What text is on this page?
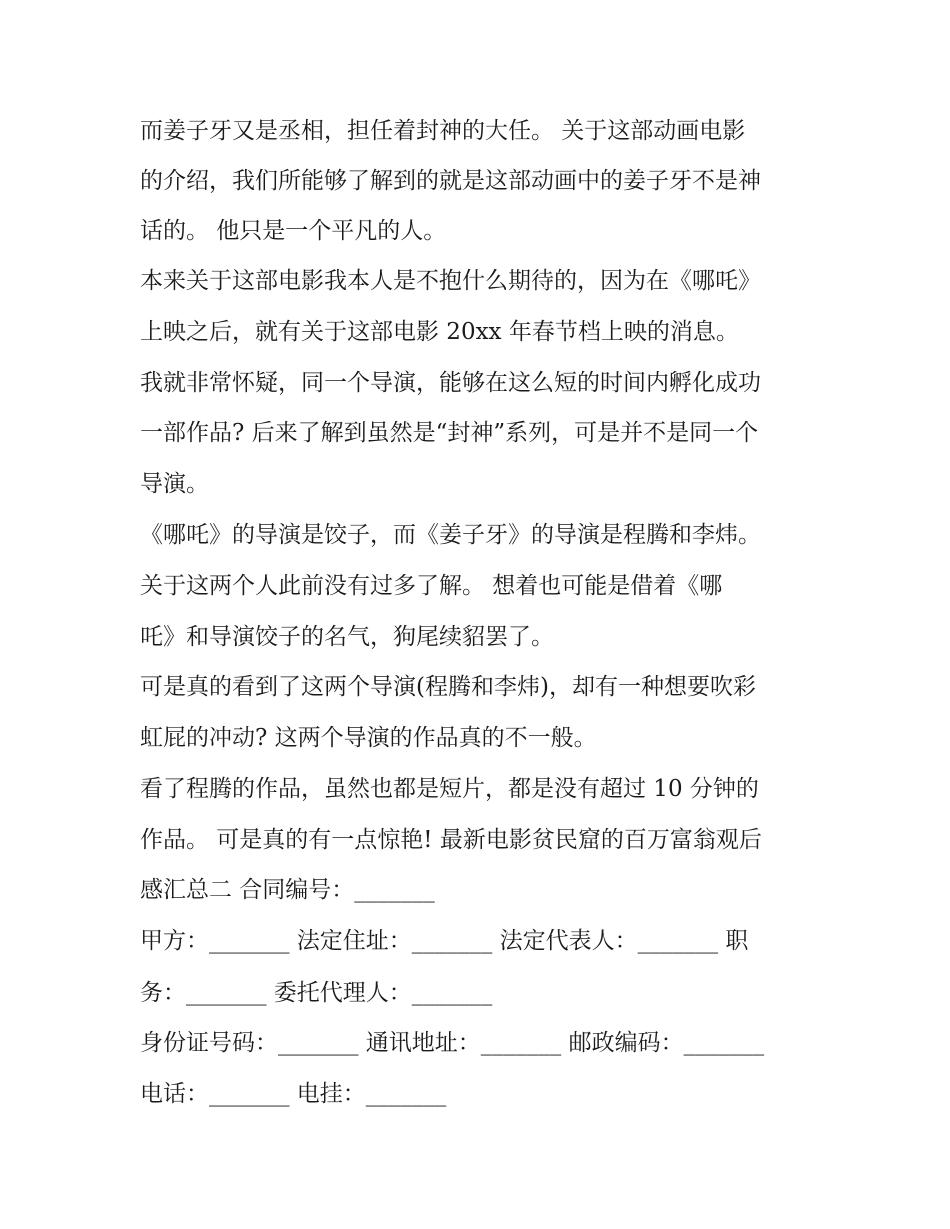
而姜子牙又是丞相，担任着封神的大任。 关于这部动画电影
的介绍，我们所能够了解到的就是这部动画中的姜子牙不是神
话的。 他只是一个平凡的人。
本来关于这部电影我本人是不抱什么期待的，因为在《哪吒》
上映之后，就有关于这部电影 20xx 年春节档上映的消息。
我就非常怀疑，同一个导演，能够在这么短的时间内孵化成功
一部作品? 后来了解到虽然是“封神”系列，可是并不是同一个
导演。
《哪吒》的导演是饺子，而《姜子牙》的导演是程腾和李炜。
关于这两个人此前没有过多了解。 想着也可能是借着《哪
吒》和导演饺子的名气，狗尾续貂罢了。
可是真的看到了这两个导演(程腾和李炜)，却有一种想要吹彩
虹屁的冲动? 这两个导演的作品真的不一般。
看了程腾的作品，虽然也都是短片，都是没有超过 10 分钟的
作品。 可是真的有一点惊艳! 最新电影贫民窟的百万富翁观后
感汇总二 合同编号：_______
甲方：_______ 法定住址：_______ 法定代表人：_______ 职
务：_______ 委托代理人：_______
身份证号码：_______ 通讯地址：_______ 邮政编码：_______
电话：_______ 电挂：_______
